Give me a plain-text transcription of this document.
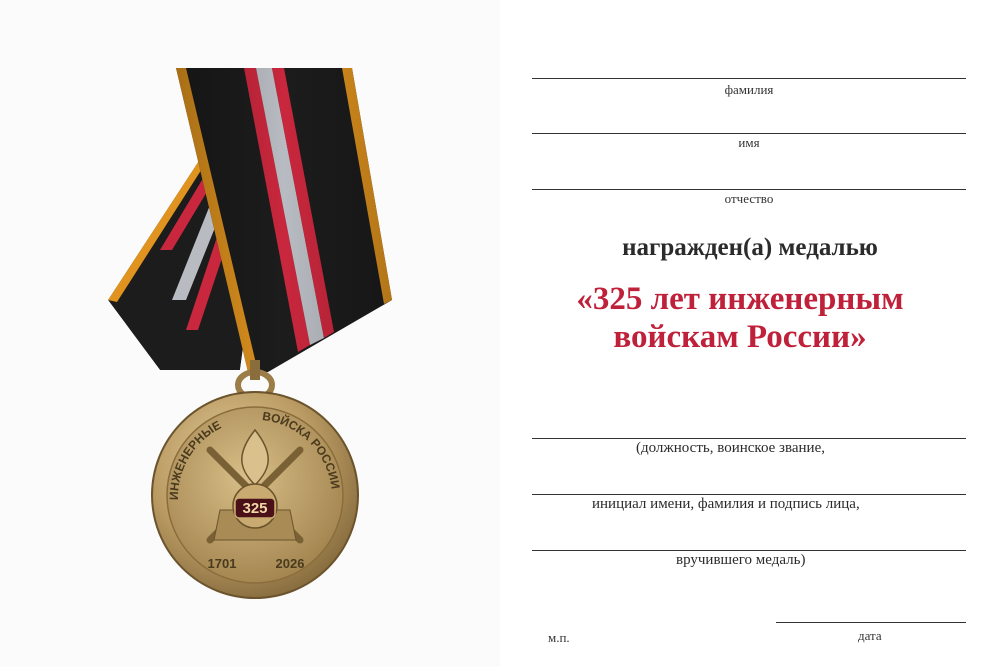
325
ИНЖЕНЕРНЫЕ
ВОЙСКА РОССИИ
1701	2026
фамилия
имя
отчество
награжден(а) медалью
«325 лет инженерным
войскам России»
(должность, воинское звание,
инициал имени, фамилия и подпись лица,
вручившего медаль)
м.п.	дата
